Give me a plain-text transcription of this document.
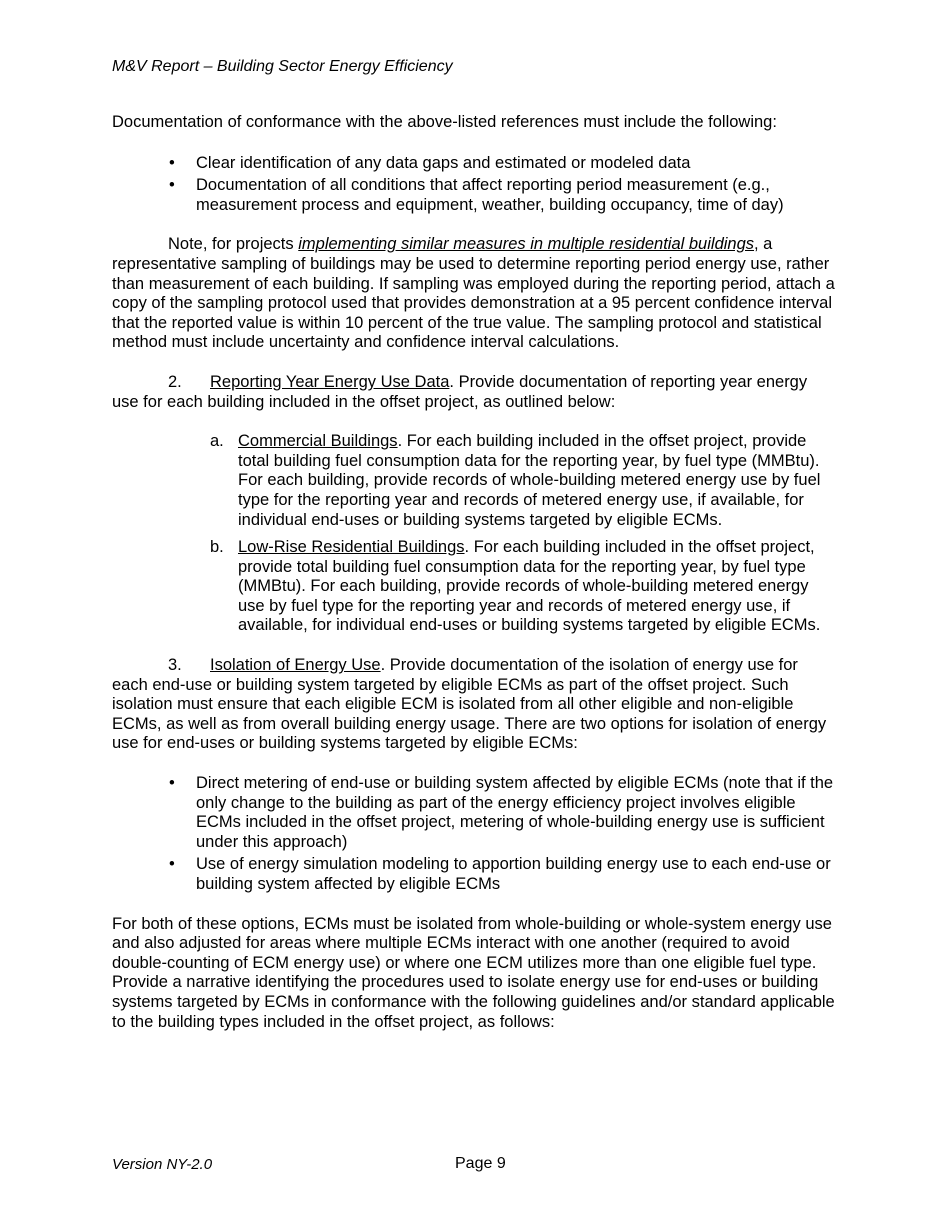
M&V Report – Building Sector Energy Efficiency

Documentation of conformance with the above-listed references must include the following:

• Clear identification of any data gaps and estimated or modeled data
• Documentation of all conditions that affect reporting period measurement (e.g., measurement process and equipment, weather, building occupancy, time of day)

Note, for projects implementing similar measures in multiple residential buildings, a representative sampling of buildings may be used to determine reporting period energy use, rather than measurement of each building. If sampling was employed during the reporting period, attach a copy of the sampling protocol used that provides demonstration at a 95 percent confidence interval that the reported value is within 10 percent of the true value. The sampling protocol and statistical method must include uncertainty and confidence interval calculations.

2. Reporting Year Energy Use Data. Provide documentation of reporting year energy use for each building included in the offset project, as outlined below:

a. Commercial Buildings. For each building included in the offset project, provide total building fuel consumption data for the reporting year, by fuel type (MMBtu). For each building, provide records of whole-building metered energy use by fuel type for the reporting year and records of metered energy use, if available, for individual end-uses or building systems targeted by eligible ECMs.
b. Low-Rise Residential Buildings. For each building included in the offset project, provide total building fuel consumption data for the reporting year, by fuel type (MMBtu). For each building, provide records of whole-building metered energy use by fuel type for the reporting year and records of metered energy use, if available, for individual end-uses or building systems targeted by eligible ECMs.

3. Isolation of Energy Use. Provide documentation of the isolation of energy use for each end-use or building system targeted by eligible ECMs as part of the offset project. Such isolation must ensure that each eligible ECM is isolated from all other eligible and non-eligible ECMs, as well as from overall building energy usage. There are two options for isolation of energy use for end-uses or building systems targeted by eligible ECMs:

• Direct metering of end-use or building system affected by eligible ECMs (note that if the only change to the building as part of the energy efficiency project involves eligible ECMs included in the offset project, metering of whole-building energy use is sufficient under this approach)
• Use of energy simulation modeling to apportion building energy use to each end-use or building system affected by eligible ECMs

For both of these options, ECMs must be isolated from whole-building or whole-system energy use and also adjusted for areas where multiple ECMs interact with one another (required to avoid double-counting of ECM energy use) or where one ECM utilizes more than one eligible fuel type. Provide a narrative identifying the procedures used to isolate energy use for end-uses or building systems targeted by ECMs in conformance with the following guidelines and/or standard applicable to the building types included in the offset project, as follows:

Version NY-2.0	Page 9
